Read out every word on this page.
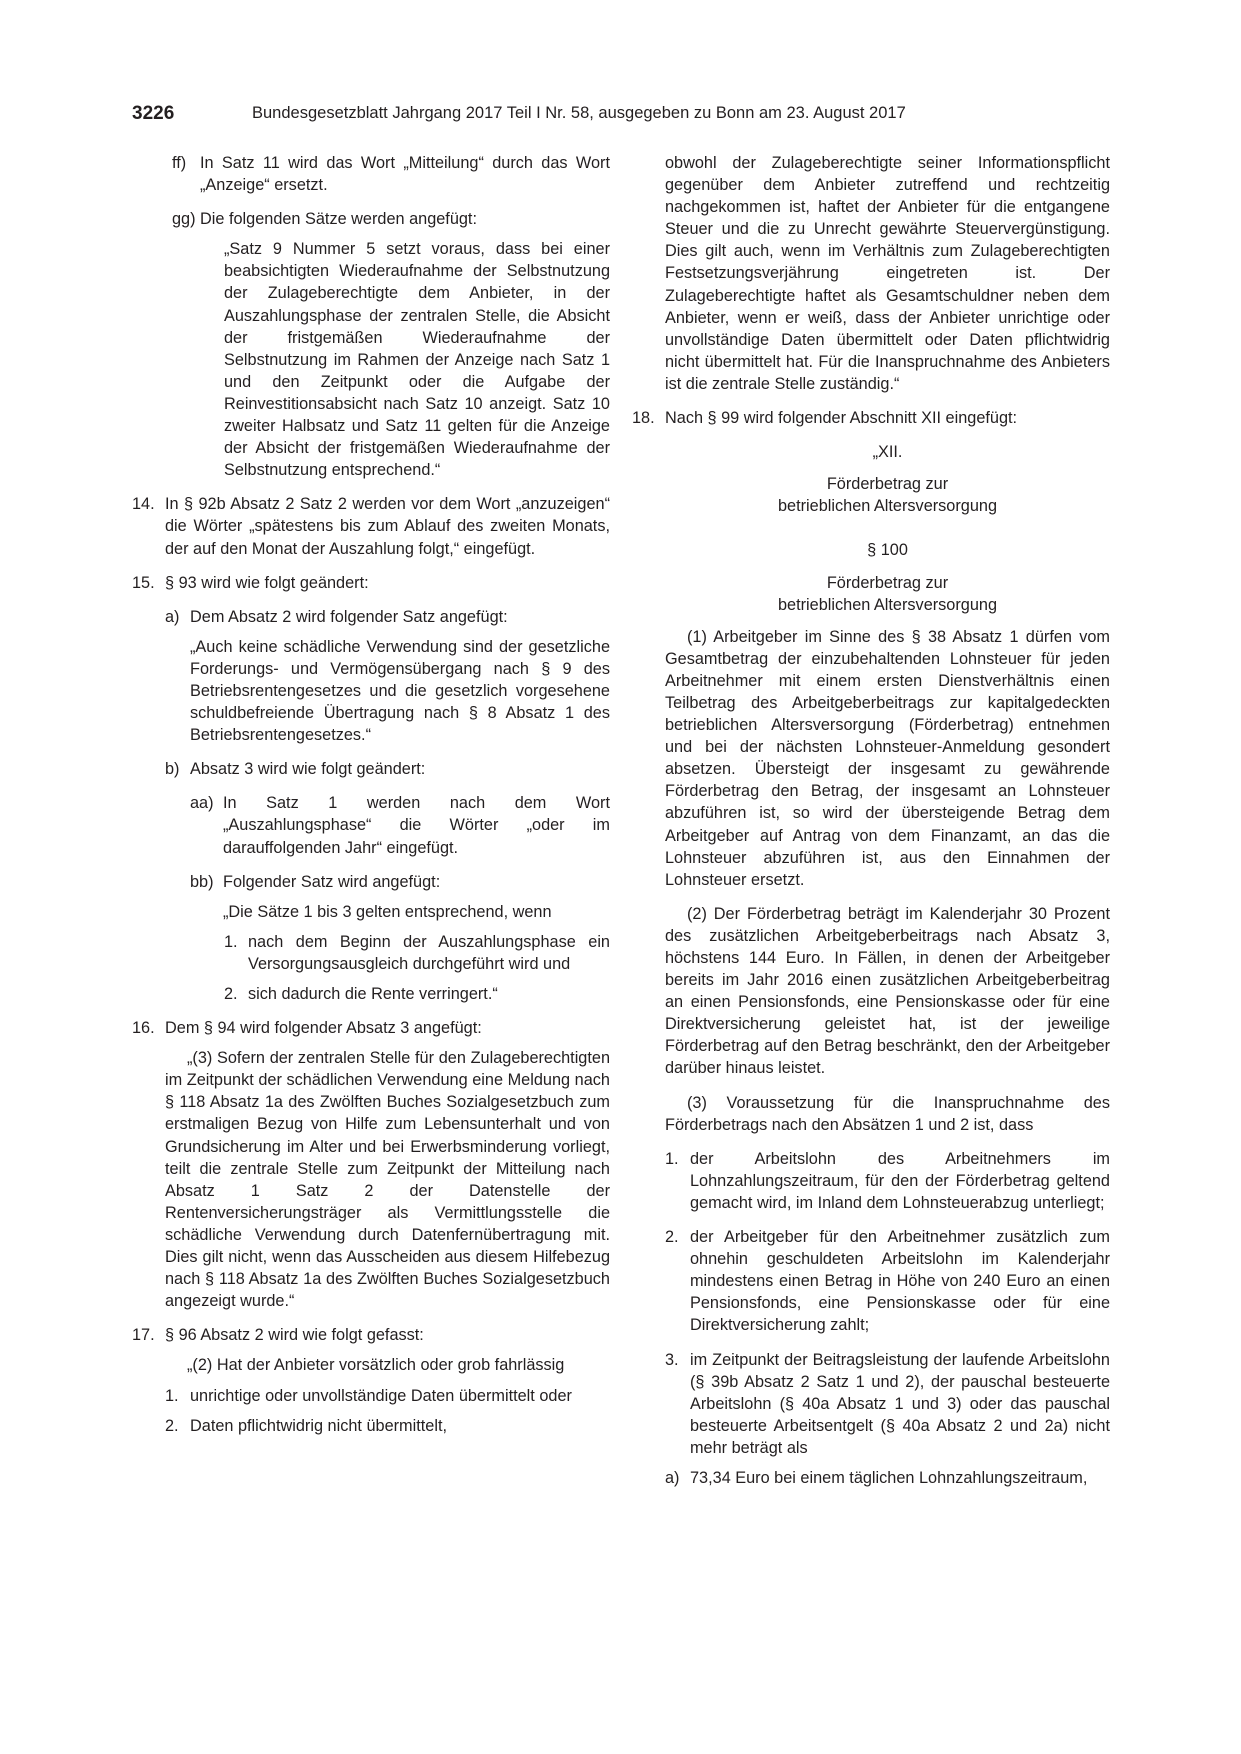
3226	Bundesgesetzblatt Jahrgang 2017 Teil I Nr. 58, ausgegeben zu Bonn am 23. August 2017
ff) In Satz 11 wird das Wort „Mitteilung“ durch das Wort „Anzeige“ ersetzt.
gg) Die folgenden Sätze werden angefügt:
„Satz 9 Nummer 5 setzt voraus, dass bei einer beabsichtigten Wiederaufnahme der Selbstnutzung der Zulageberechtigte dem Anbieter, in der Auszahlungsphase der zentralen Stelle, die Absicht der fristgemäßen Wiederaufnahme der Selbstnutzung im Rahmen der Anzeige nach Satz 1 und den Zeitpunkt oder die Aufgabe der Reinvestitionsabsicht nach Satz 10 anzeigt. Satz 10 zweiter Halbsatz und Satz 11 gelten für die Anzeige der Absicht der fristgemäßen Wiederaufnahme der Selbstnutzung entsprechend.“
14. In § 92b Absatz 2 Satz 2 werden vor dem Wort „anzuzeigen“ die Wörter „spätestens bis zum Ablauf des zweiten Monats, der auf den Monat der Auszahlung folgt,“ eingefügt.
15. § 93 wird wie folgt geändert:
a) Dem Absatz 2 wird folgender Satz angefügt:
„Auch keine schädliche Verwendung sind der gesetzliche Forderungs- und Vermögensübergang nach § 9 des Betriebsrentengesetzes und die gesetzlich vorgesehene schuldbefreiende Übertragung nach § 8 Absatz 1 des Betriebsrentengesetzes.“
b) Absatz 3 wird wie folgt geändert:
aa) In Satz 1 werden nach dem Wort „Auszahlungsphase“ die Wörter „oder im darauffolgenden Jahr“ eingefügt.
bb) Folgender Satz wird angefügt:
„Die Sätze 1 bis 3 gelten entsprechend, wenn
1. nach dem Beginn der Auszahlungsphase ein Versorgungsausgleich durchgeführt wird und
2. sich dadurch die Rente verringert.“
16. Dem § 94 wird folgender Absatz 3 angefügt:
„(3) Sofern der zentralen Stelle für den Zulageberechtigten im Zeitpunkt der schädlichen Verwendung eine Meldung nach § 118 Absatz 1a des Zwölften Buches Sozialgesetzbuch zum erstmaligen Bezug von Hilfe zum Lebensunterhalt und von Grundsicherung im Alter und bei Erwerbsminderung vorliegt, teilt die zentrale Stelle zum Zeitpunkt der Mitteilung nach Absatz 1 Satz 2 der Datenstelle der Rentenversicherungsträger als Vermittlungsstelle die schädliche Verwendung durch Datenfernübertragung mit. Dies gilt nicht, wenn das Ausscheiden aus diesem Hilfebezug nach § 118 Absatz 1a des Zwölften Buches Sozialgesetzbuch angezeigt wurde.“
17. § 96 Absatz 2 wird wie folgt gefasst:
„(2) Hat der Anbieter vorsätzlich oder grob fahrlässig
1. unrichtige oder unvollständige Daten übermittelt oder
2. Daten pflichtwidrig nicht übermittelt,
obwohl der Zulageberechtigte seiner Informationspflicht gegenüber dem Anbieter zutreffend und rechtzeitig nachgekommen ist, haftet der Anbieter für die entgangene Steuer und die zu Unrecht gewährte Steuervergünstigung. Dies gilt auch, wenn im Verhältnis zum Zulageberechtigten Festsetzungsverjährung eingetreten ist. Der Zulageberechtigte haftet als Gesamtschuldner neben dem Anbieter, wenn er weiß, dass der Anbieter unrichtige oder unvollständige Daten übermittelt oder Daten pflichtwidrig nicht übermittelt hat. Für die Inanspruchnahme des Anbieters ist die zentrale Stelle zuständig.“
18. Nach § 99 wird folgender Abschnitt XII eingefügt:
„XII.
Förderbetrag zur
betrieblichen Altersversorgung
§ 100
Förderbetrag zur
betrieblichen Altersversorgung
(1) Arbeitgeber im Sinne des § 38 Absatz 1 dürfen vom Gesamtbetrag der einzubehaltenden Lohnsteuer für jeden Arbeitnehmer mit einem ersten Dienstverhältnis einen Teilbetrag des Arbeitgeberbeitrags zur kapitalgedeckten betrieblichen Altersversorgung (Förderbetrag) entnehmen und bei der nächsten Lohnsteuer-Anmeldung gesondert absetzen. Übersteigt der insgesamt zu gewährende Förderbetrag den Betrag, der insgesamt an Lohnsteuer abzuführen ist, so wird der übersteigende Betrag dem Arbeitgeber auf Antrag von dem Finanzamt, an das die Lohnsteuer abzuführen ist, aus den Einnahmen der Lohnsteuer ersetzt.
(2) Der Förderbetrag beträgt im Kalenderjahr 30 Prozent des zusätzlichen Arbeitgeberbeitrags nach Absatz 3, höchstens 144 Euro. In Fällen, in denen der Arbeitgeber bereits im Jahr 2016 einen zusätzlichen Arbeitgeberbeitrag an einen Pensionsfonds, eine Pensionskasse oder für eine Direktversicherung geleistet hat, ist der jeweilige Förderbetrag auf den Betrag beschränkt, den der Arbeitgeber darüber hinaus leistet.
(3) Voraussetzung für die Inanspruchnahme des Förderbetrags nach den Absätzen 1 und 2 ist, dass
1. der Arbeitslohn des Arbeitnehmers im Lohnzahlungszeitraum, für den der Förderbetrag geltend gemacht wird, im Inland dem Lohnsteuerabzug unterliegt;
2. der Arbeitgeber für den Arbeitnehmer zusätzlich zum ohnehin geschuldeten Arbeitslohn im Kalenderjahr mindestens einen Betrag in Höhe von 240 Euro an einen Pensionsfonds, eine Pensionskasse oder für eine Direktversicherung zahlt;
3. im Zeitpunkt der Beitragsleistung der laufende Arbeitslohn (§ 39b Absatz 2 Satz 1 und 2), der pauschal besteuerte Arbeitslohn (§ 40a Absatz 1 und 3) oder das pauschal besteuerte Arbeitsentgelt (§ 40a Absatz 2 und 2a) nicht mehr beträgt als
a) 73,34 Euro bei einem täglichen Lohnzahlungszeitraum,
